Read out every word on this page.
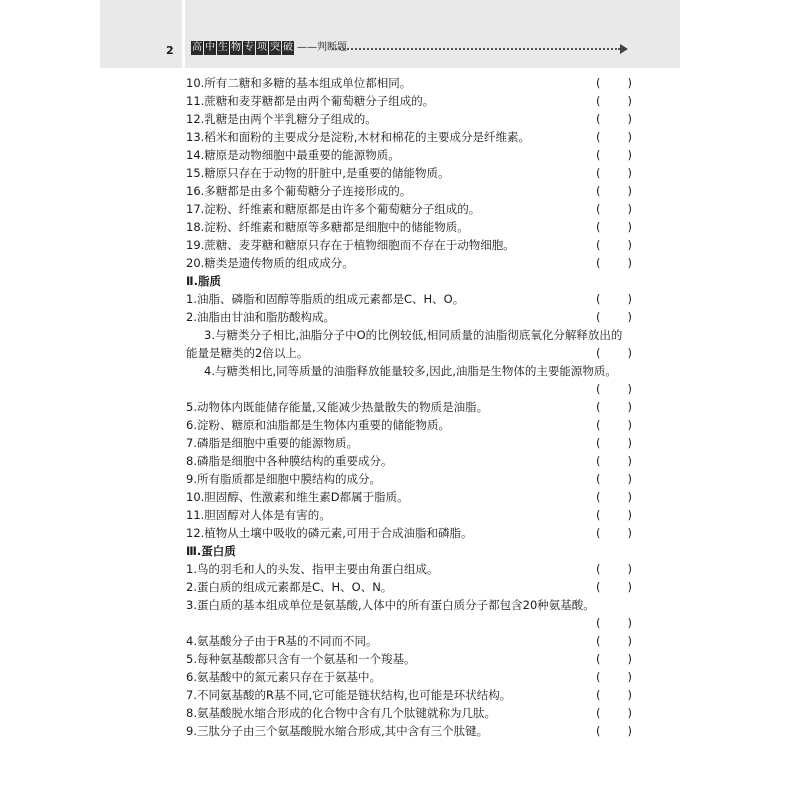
2 高 中 生 物 专 项 突 破 ——判断题
10.所有二糖和多糖的基本组成单位都相同。	( )
11.蔗糖和麦芽糖都是由两个葡萄糖分子组成的。	( )
12.乳糖是由两个半乳糖分子组成的。	( )
13.稻米和面粉的主要成分是淀粉,木材和棉花的主要成分是纤维素。	( )
14.糖原是动物细胞中最重要的能源物质。	( )
15.糖原只存在于动物的肝脏中,是重要的储能物质。	( )
16.多糖都是由多个葡萄糖分子连接形成的。	( )
17.淀粉、纤维素和糖原都是由许多个葡萄糖分子组成的。	( )
18.淀粉、纤维素和糖原等多糖都是细胞中的储能物质。	( )
19.蔗糖、麦芽糖和糖原只存在于植物细胞而不存在于动物细胞。	( )
20.糖类是遗传物质的组成成分。	( )
Ⅱ.脂质
1.油脂、磷脂和固醇等脂质的组成元素都是C、H、O。	( )
2.油脂由甘油和脂肪酸构成。	( )
3.与糖类分子相比,油脂分子中O的比例较低,相同质量的油脂彻底氧化分解释放出的
能量是糖类的2倍以上。	( )
4.与糖类相比,同等质量的油脂释放能量较多,因此,油脂是生物体的主要能源物质。
( )
5.动物体内既能储存能量,又能减少热量散失的物质是油脂。	( )
6.淀粉、糖原和油脂都是生物体内重要的储能物质。	( )
7.磷脂是细胞中重要的能源物质。	( )
8.磷脂是细胞中各种膜结构的重要成分。	( )
9.所有脂质都是细胞中膜结构的成分。	( )
10.胆固醇、性激素和维生素D都属于脂质。	( )
11.胆固醇对人体是有害的。	( )
12.植物从土壤中吸收的磷元素,可用于合成油脂和磷脂。	( )
Ⅲ.蛋白质
1.鸟的羽毛和人的头发、指甲主要由角蛋白组成。	( )
2.蛋白质的组成元素都是C、H、O、N。	( )
3.蛋白质的基本组成单位是氨基酸,人体中的所有蛋白质分子都包含20种氨基酸。
( )
4.氨基酸分子由于R基的不同而不同。	( )
5.每种氨基酸都只含有一个氨基和一个羧基。	( )
6.氨基酸中的氮元素只存在于氨基中。	( )
7.不同氨基酸的R基不同,它可能是链状结构,也可能是环状结构。	( )
8.氨基酸脱水缩合形成的化合物中含有几个肽键就称为几肽。	( )
9.三肽分子由三个氨基酸脱水缩合形成,其中含有三个肽键。	( )
